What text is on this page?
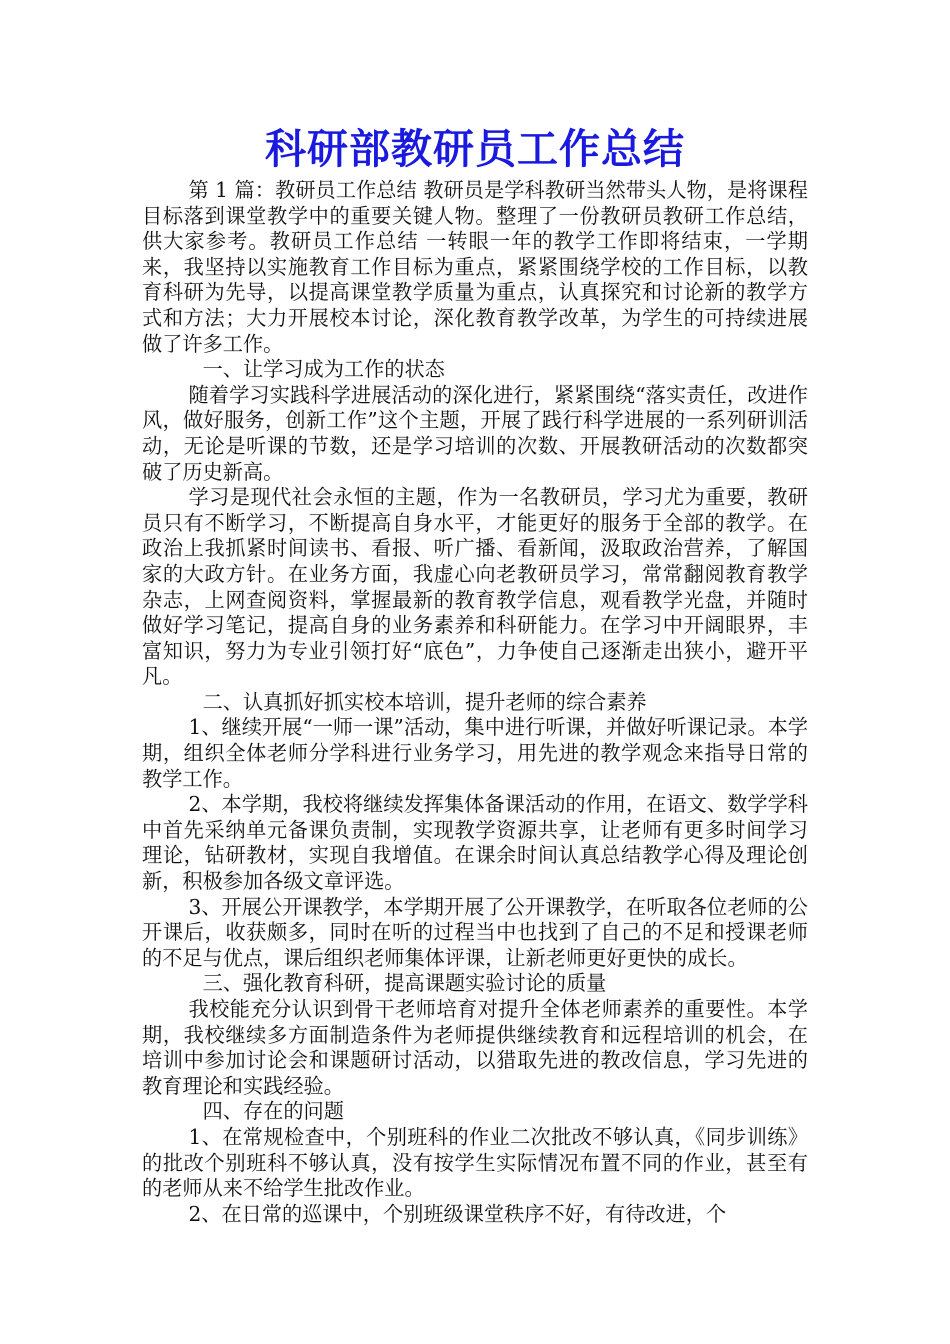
科研部教研员工作总结

第 1 篇：教研员工作总结 教研员是学科教研当然带头人物，是将课程目标落到课堂教学中的重要关键人物。整理了一份教研员教研工作总结，供大家参考。教研员工作总结 一转眼一年的教学工作即将结束，一学期来，我坚持以实施教育工作目标为重点，紧紧围绕学校的工作目标，以教育科研为先导，以提高课堂教学质量为重点，认真探究和讨论新的教学方式和方法；大力开展校本讨论，深化教育教学改革，为学生的可持续进展做了许多工作。

一、让学习成为工作的状态

随着学习实践科学进展活动的深化进行，紧紧围绕“落实责任，改进作风，做好服务，创新工作”这个主题，开展了践行科学进展的一系列研训活动，无论是听课的节数，还是学习培训的次数、开展教研活动的次数都突破了历史新高。

学习是现代社会永恒的主题，作为一名教研员，学习尤为重要，教研员只有不断学习，不断提高自身水平，才能更好的服务于全部的教学。在政治上我抓紧时间读书、看报、听广播、看新闻，汲取政治营养，了解国家的大政方针。在业务方面，我虚心向老教研员学习，常常翻阅教育教学杂志，上网查阅资料，掌握最新的教育教学信息，观看教学光盘，并随时做好学习笔记，提高自身的业务素养和科研能力。在学习中开阔眼界，丰富知识，努力为专业引领打好“底色”，力争使自己逐渐走出狭小，避开平凡。

二、认真抓好抓实校本培训，提升老师的综合素养

1、继续开展“一师一课”活动，集中进行听课，并做好听课记录。本学期，组织全体老师分学科进行业务学习，用先进的教学观念来指导日常的教学工作。

2、本学期，我校将继续发挥集体备课活动的作用，在语文、数学学科中首先采纳单元备课负责制，实现教学资源共享，让老师有更多时间学习理论，钻研教材，实现自我增值。在课余时间认真总结教学心得及理论创新，积极参加各级文章评选。

3、开展公开课教学，本学期开展了公开课教学，在听取各位老师的公开课后，收获颇多，同时在听的过程当中也找到了自己的不足和授课老师的不足与优点，课后组织老师集体评课，让新老师更好更快的成长。

三、强化教育科研，提高课题实验讨论的质量

我校能充分认识到骨干老师培育对提升全体老师素养的重要性。本学期，我校继续多方面制造条件为老师提供继续教育和远程培训的机会，在培训中参加讨论会和课题研讨活动，以猎取先进的教改信息，学习先进的教育理论和实践经验。

四、存在的问题

1、在常规检查中，个别班科的作业二次批改不够认真，《同步训练》的批改个别班科不够认真，没有按学生实际情况布置不同的作业，甚至有的老师从来不给学生批改作业。

2、在日常的巡课中，个别班级课堂秩序不好，有待改进，个
